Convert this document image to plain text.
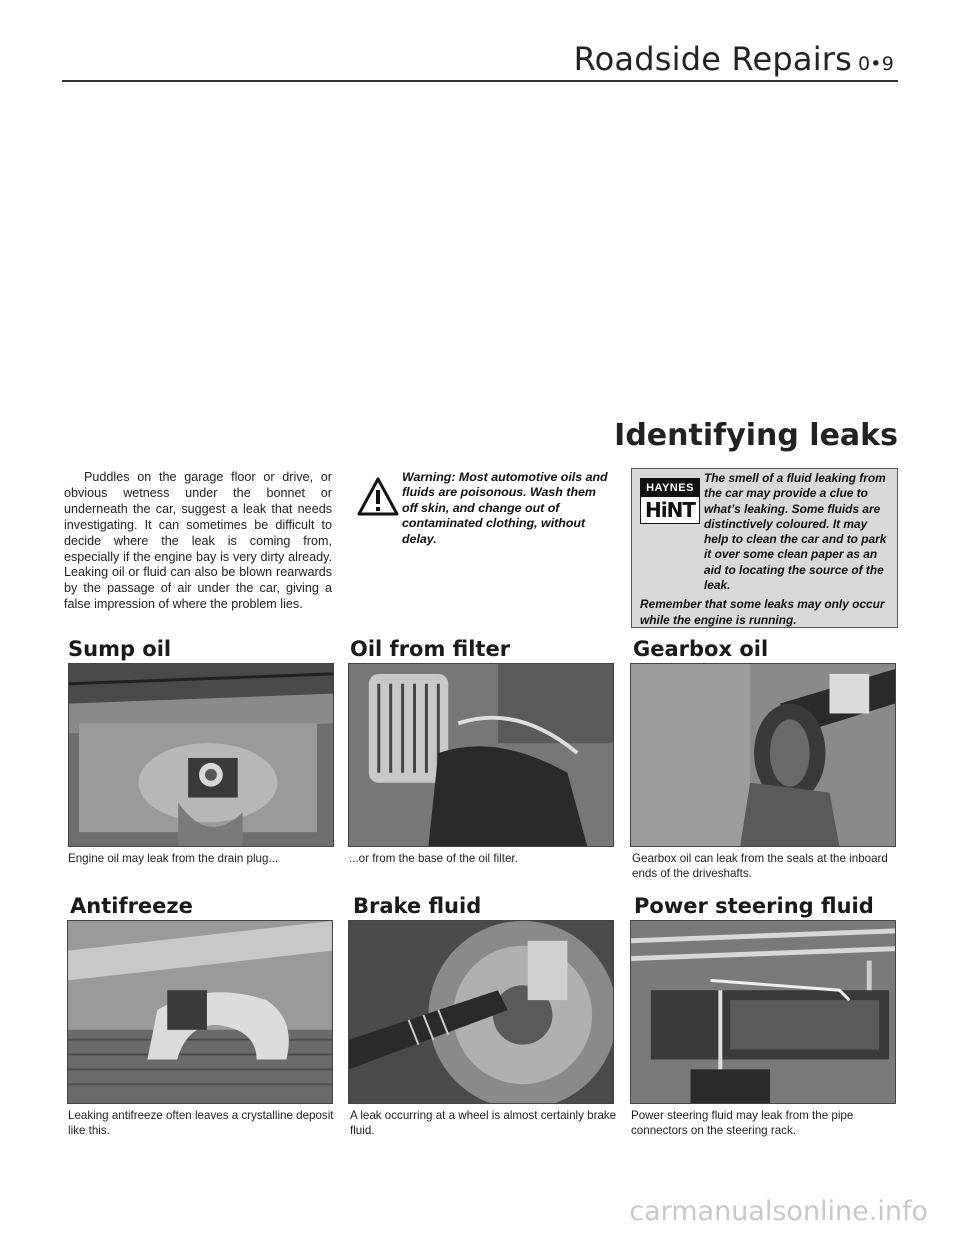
Roadside Repairs 0•9
Identifying leaks

Puddles on the garage floor or drive, or obvious wetness under the bonnet or underneath the car, suggest a leak that needs investigating. It can sometimes be difficult to decide where the leak is coming from, especially if the engine bay is very dirty already. Leaking oil or fluid can also be blown rearwards by the passage of air under the car, giving a false impression of where the problem lies.

Warning: Most automotive oils and fluids are poisonous. Wash them off skin, and change out of contaminated clothing, without delay.

HAYNES
HiNT

The smell of a fluid leaking from the car may provide a clue to what’s leaking. Some fluids are distinctively coloured. It may help to clean the car and to park it over some clean paper as an aid to locating the source of the leak.
Remember that some leaks may only occur while the engine is running.

Sump oil

Engine oil may leak from the drain plug...

Oil from filter

...or from the base of the oil filter.

Gearbox oil

Gearbox oil can leak from the seals at the inboard ends of the driveshafts.

Antifreeze

Leaking antifreeze often leaves a crystalline deposit like this.

Brake fluid

A leak occurring at a wheel is almost certainly brake fluid.

Power steering fluid

Power steering fluid may leak from the pipe connectors on the steering rack.

carmanualsonline.info
